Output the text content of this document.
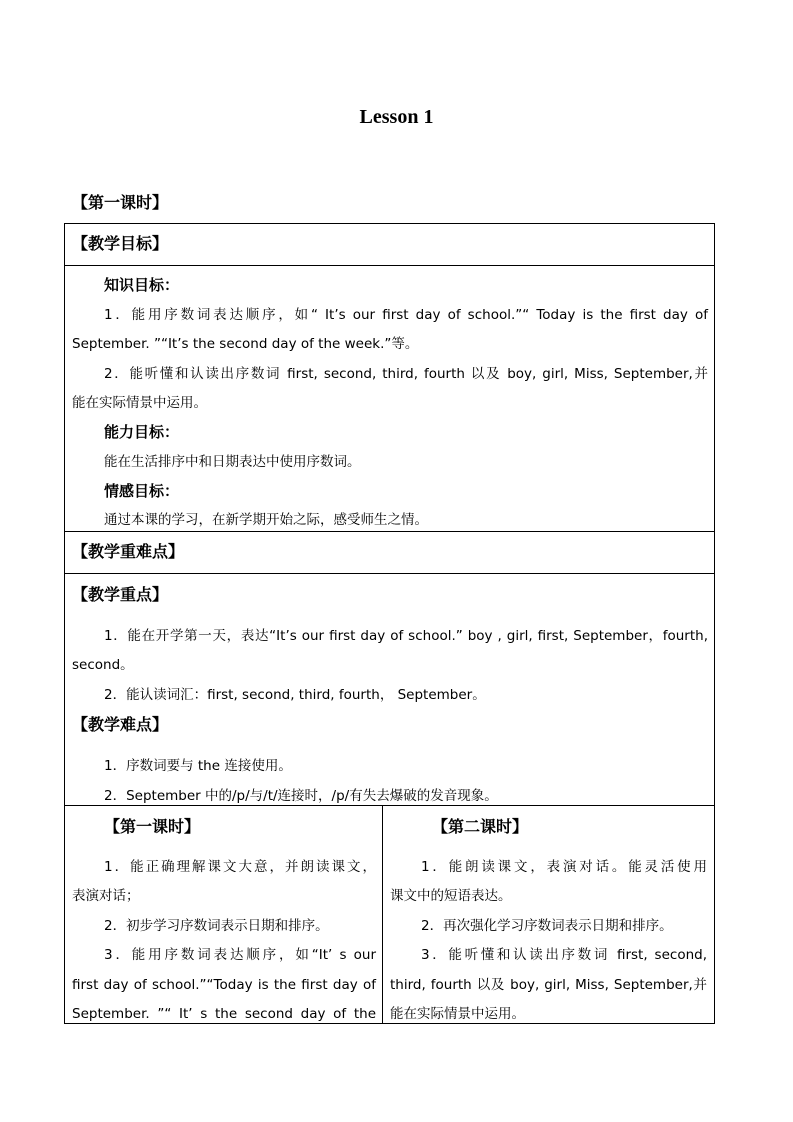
Lesson 1
【第一课时】
【教学目标】
知识目标：
1．能用序数词表达顺序，如“ It’s our first day of school.”“ Today is the first day of
September. ”“It’s the second day of the week.”等。
2．能听懂和认读出序数词 first, second, third, fourth 以及 boy, girl, Miss, September,并
能在实际情景中运用。
能力目标：
能在生活排序中和日期表达中使用序数词。
情感目标：
通过本课的学习，在新学期开始之际，感受师生之情。
【教学重难点】
【教学重点】
1．能在开学第一天，表达“It’s our first day of school.” boy , girl, first, September，fourth,
second。
2．能认读词汇：first, second, third, fourth， September。
【教学难点】
1．序数词要与 the 连接使用。
2．September 中的/p/与/t/连接时，/p/有失去爆破的发音现象。
【第一课时】
1．能正确理解课文大意，并朗读课文，
表演对话；
2．初步学习序数词表示日期和排序。
3．能用序数词表达顺序，如“It’ s our
first day of school.”“Today is the first day of
September. ”“ It’ s the second day of the
【第二课时】
1．能朗读课文，表演对话。能灵活使用
课文中的短语表达。
2．再次强化学习序数词表示日期和排序。
3．能听懂和认读出序数词 first, second,
third, fourth 以及 boy, girl, Miss, September,并
能在实际情景中运用。
